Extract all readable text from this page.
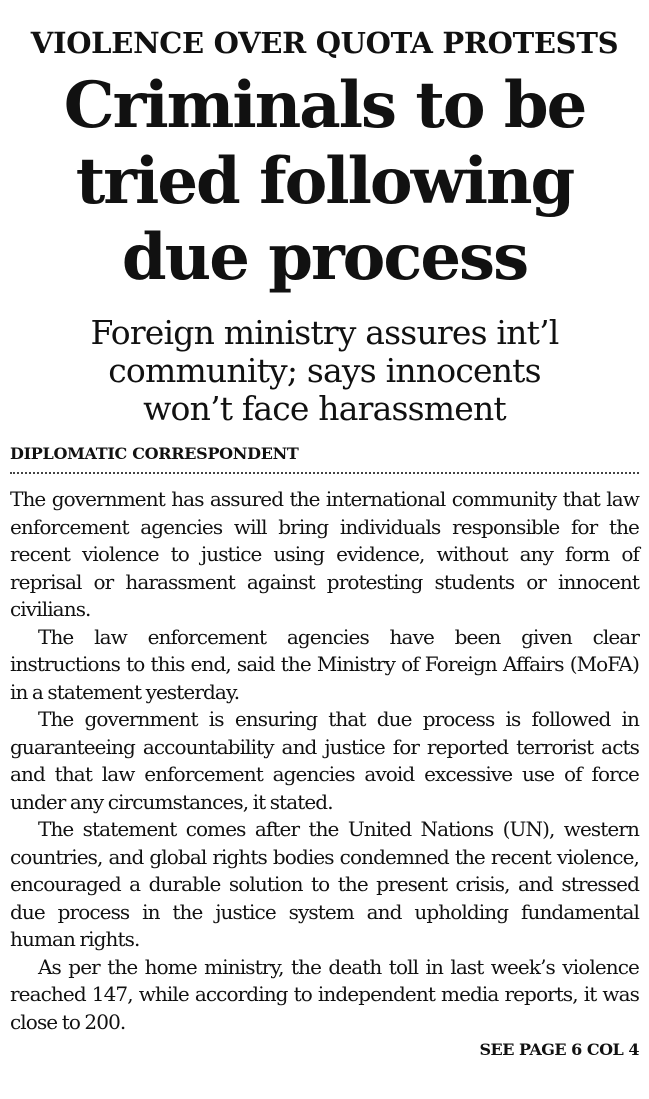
VIOLENCE OVER QUOTA PROTESTS
Criminals to be
tried following
due process
Foreign ministry assures int’l
community; says innocents
won’t face harassment
DIPLOMATIC CORRESPONDENT

The government has assured the international community that law enforcement agencies will bring individuals responsible for the recent violence to justice using evidence, without any form of reprisal or harassment against protesting students or innocent civilians.

The law enforcement agencies have been given clear instructions to this end, said the Ministry of Foreign Affairs (MoFA) in a statement yesterday.

The government is ensuring that due process is followed in guaranteeing accountability and justice for reported terrorist acts and that law enforcement agencies avoid excessive use of force under any circumstances, it stated.

The statement comes after the United Nations (UN), western countries, and global rights bodies condemned the recent violence, encouraged a durable solution to the present crisis, and stressed due process in the justice system and upholding fundamental human rights.

As per the home ministry, the death toll in last week’s violence reached 147, while according to independent media reports, it was close to 200.

SEE PAGE 6 COL 4
